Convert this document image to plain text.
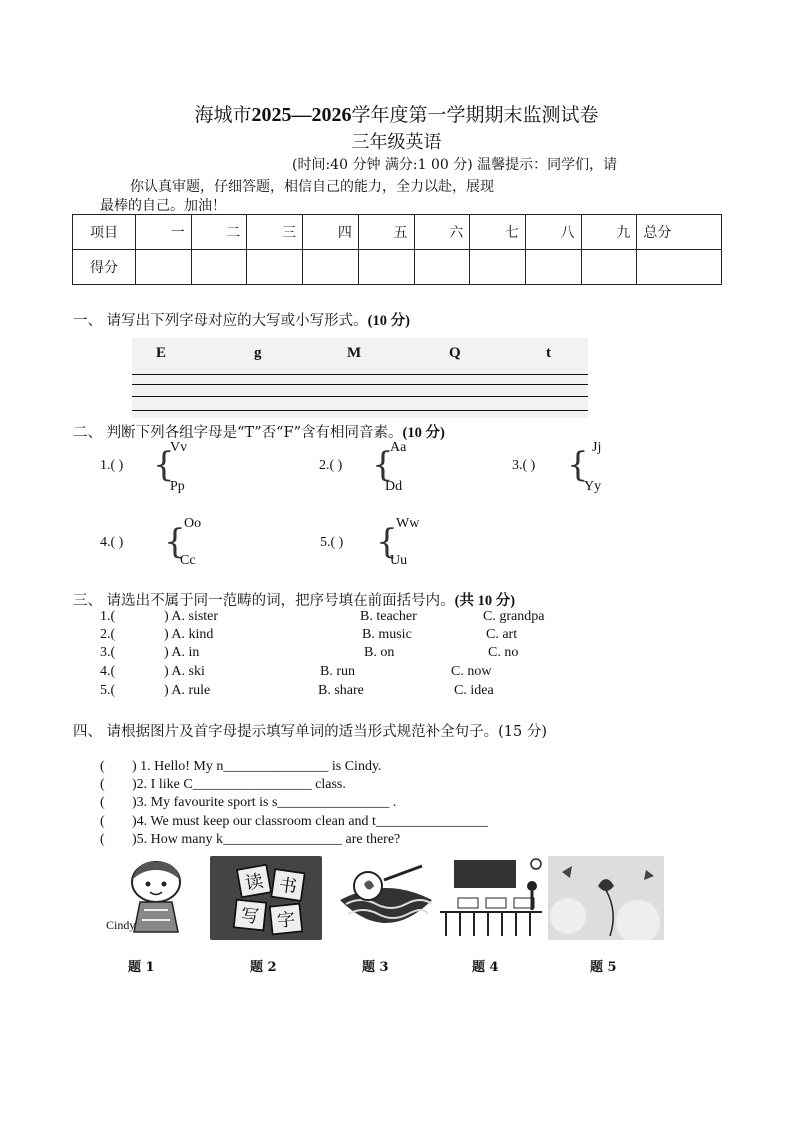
海城市2025—2026学年度第一学期期末监测试卷
三年级英语
(时间:40 分钟 满分:1 00 分) 温馨提示：同学们，请
你认真审题，仔细答题，相信自己的能力，全力以赴，展现
最棒的自己。加油！
项目	一	二	三	四	五	六	七	八	九	总分
得分										
一、 请写出下列字母对应的大写或小写形式。(10 分)
E	g	M	Q	t
二、 判断下列各组字母是“T”否“F”含有相同音素。(10 分)
1.( ) {
Vv
Pp
2.( ) {
Aa
Dd
3.( ) { Jj
Yy
4.( ) {
Oo
Cc
5.( ) {
Ww
Uu
三、 请选出不属于同一范畴的词，把序号填在前面括号内。(共 10 分)
1.(	) A. sister	B. teacher	C. grandpa
2.(	) A. kind	B. music	C. art
3.(	) A. in	B. on	C. no
4.(	) A. ski	B. run	C. now
5.(	) A. rule	B. share	C. idea
四、 请根据图片及首字母提示填写单词的适当形式规范补全句子。(15 分)
( ) 1. Hello! My n_______________ is Cindy.
( )2. I like C_________________ class.
( )3. My favourite sport is s________________ .
( )4. We must keep our classroom clean and t________________
( )5. How many k_________________ are there?
Cindy
读 书
写 字
题 1	题 2	题 3	题 4	题 5
